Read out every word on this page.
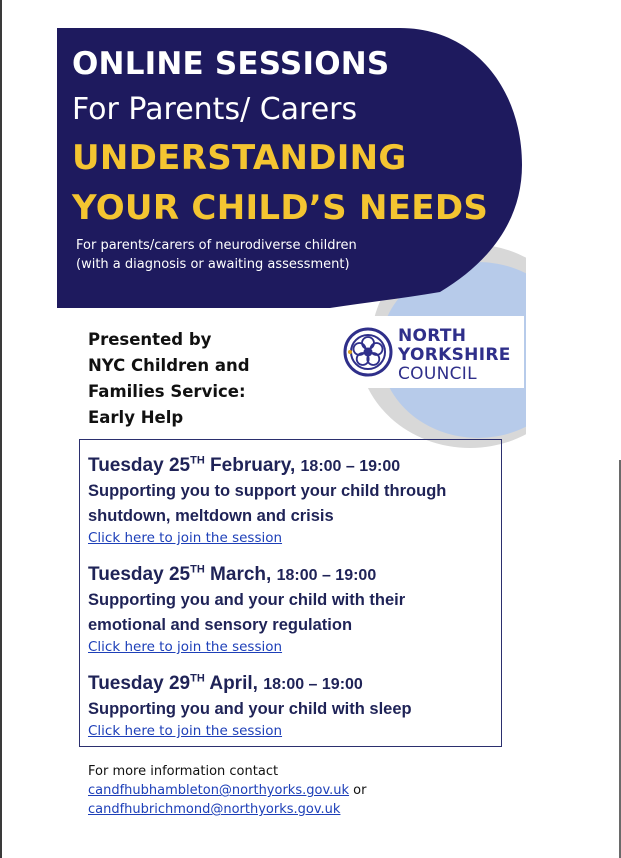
ONLINE SESSIONS
For Parents/ Carers
UNDERSTANDING
YOUR CHILD’S NEEDS
For parents/carers of neurodiverse children
(with a diagnosis or awaiting assessment)
Presented by
NYC Children and
Families Service:
Early Help
NORTH
YORKSHIRE
COUNCIL
Tuesday 25TH February, 18:00 – 19:00
Supporting you to support your child through
shutdown, meltdown and crisis
Click here to join the session
Tuesday 25TH March, 18:00 – 19:00
Supporting you and your child with their
emotional and sensory regulation
Click here to join the session
Tuesday 29TH April, 18:00 – 19:00
Supporting you and your child with sleep
Click here to join the session
For more information contact
candfhubhambleton@northyorks.gov.uk or
candfhubrichmond@northyorks.gov.uk
